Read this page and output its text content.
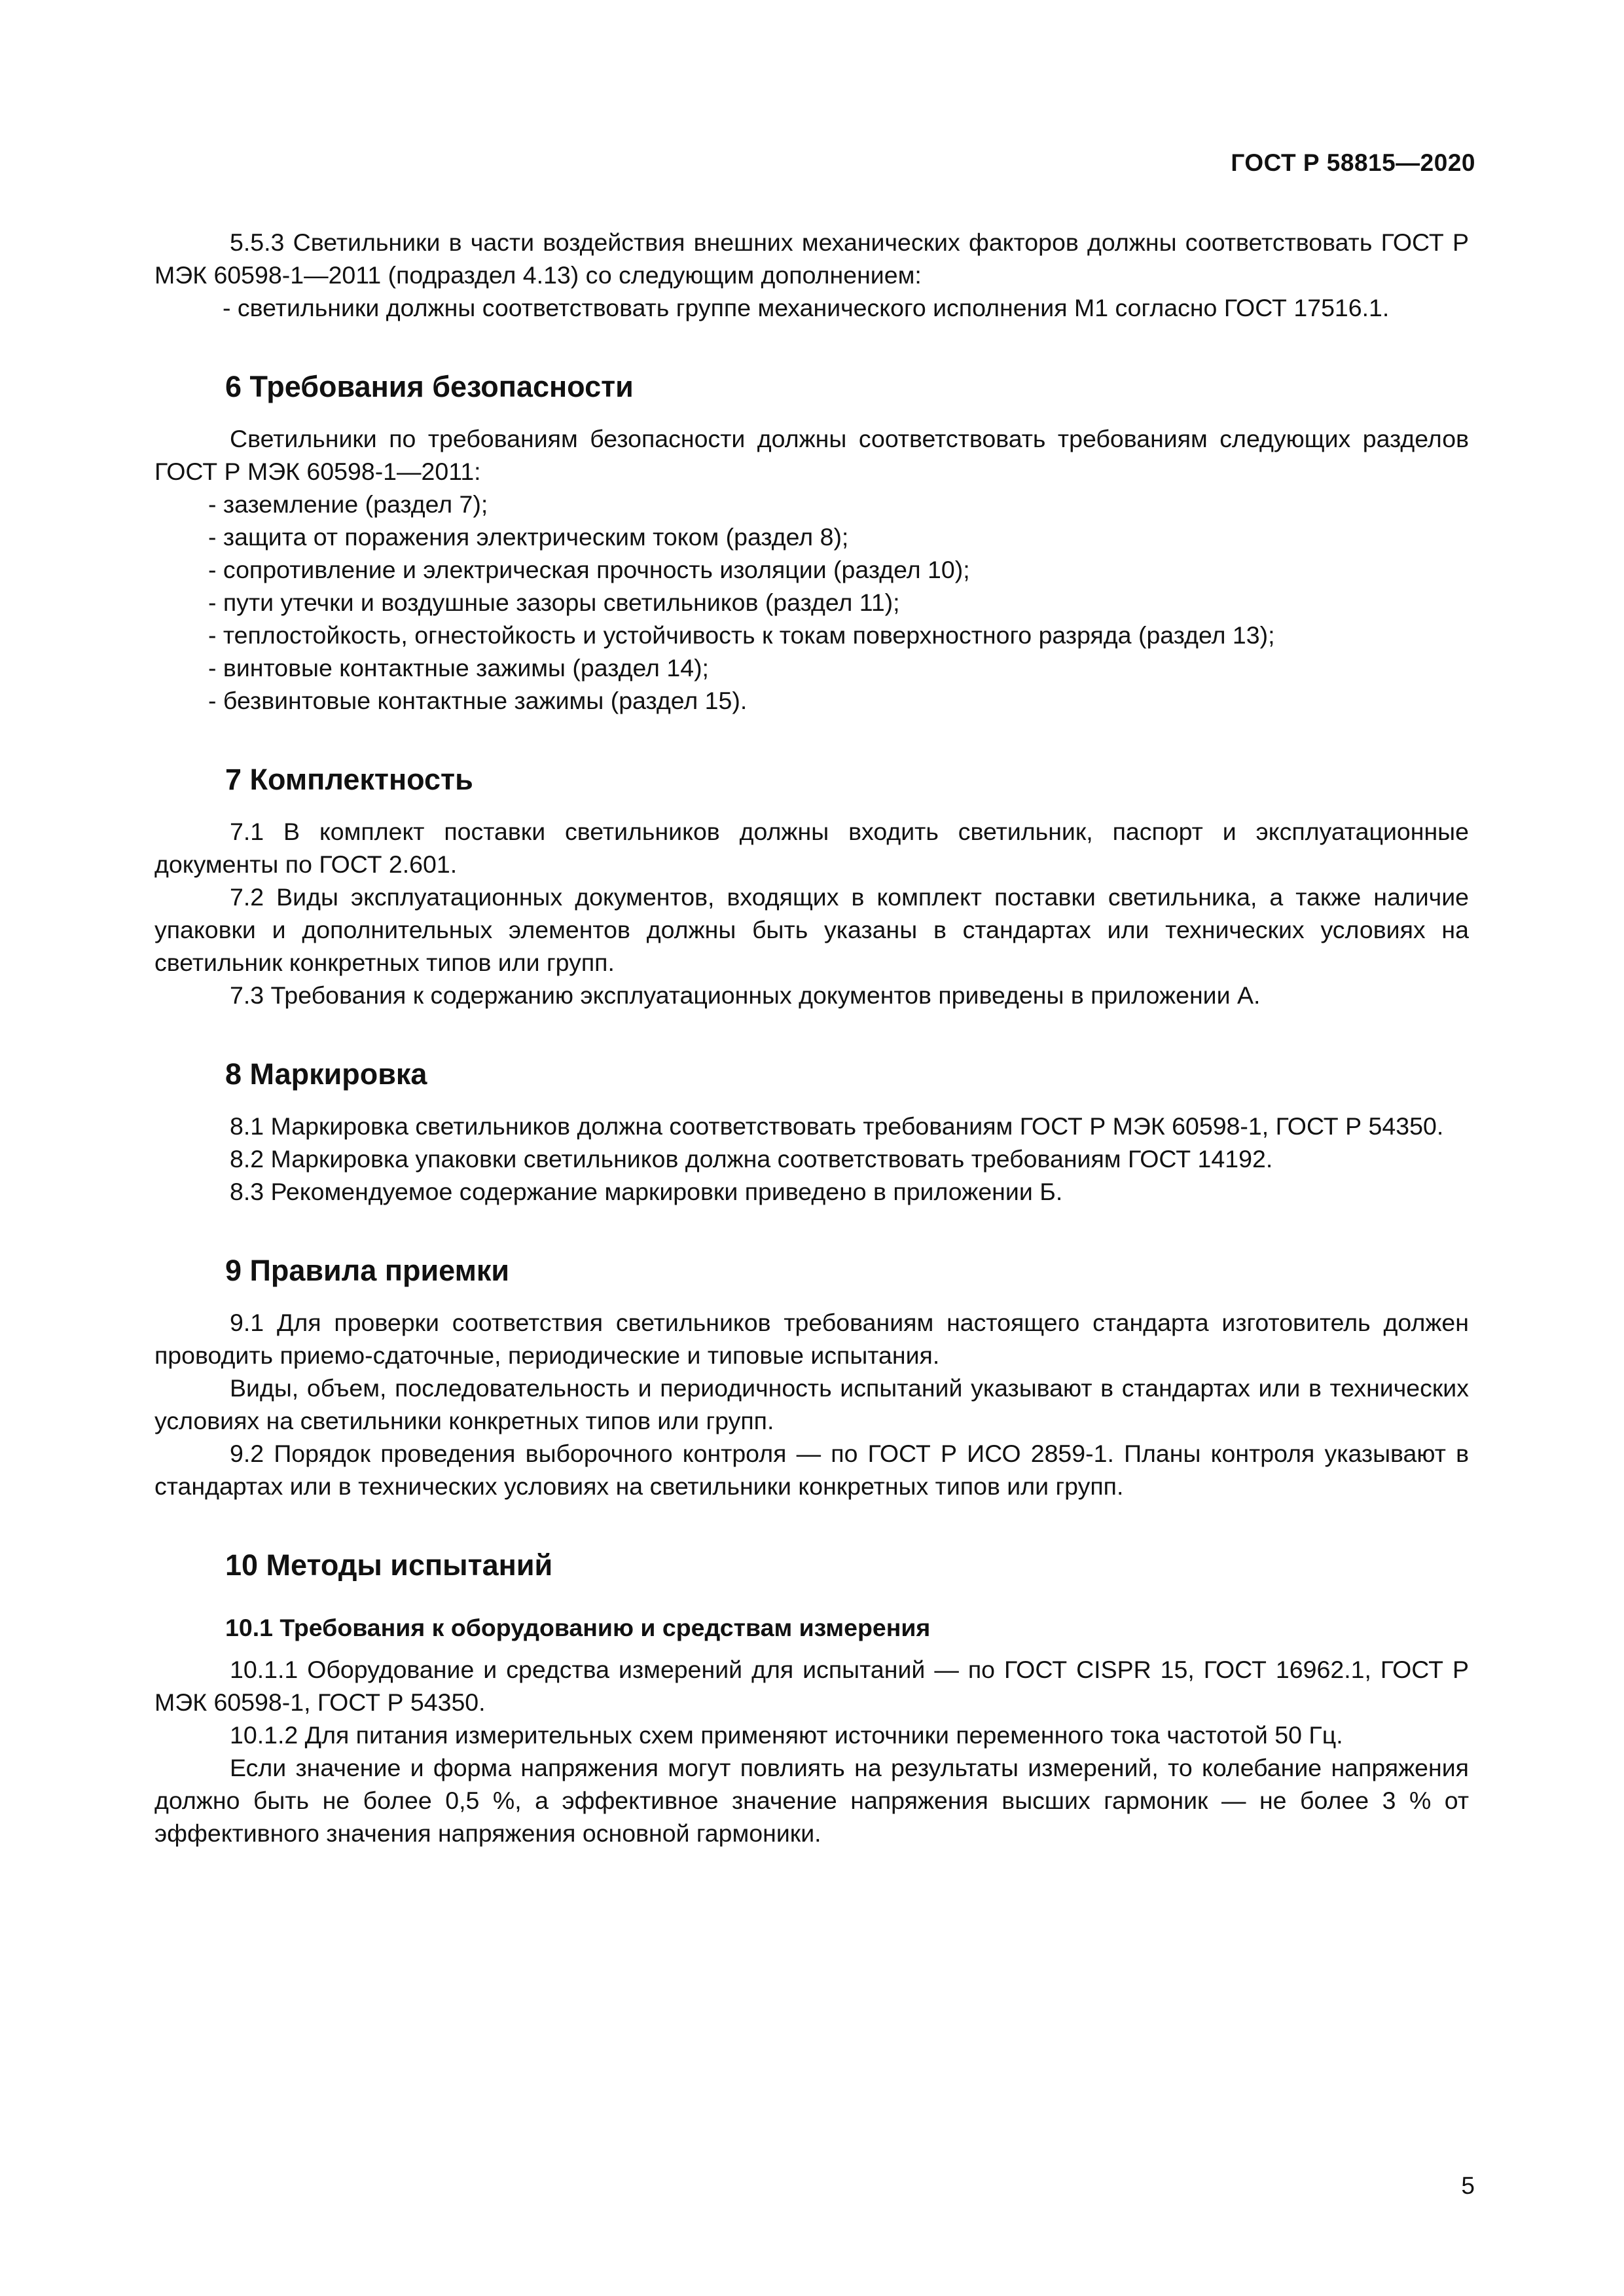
ГОСТ Р 58815—2020

5.5.3 Светильники в части воздействия внешних механических факторов должны соответствовать ГОСТ Р МЭК 60598-1—2011 (подраздел 4.13) со следующим дополнением:

- светильники должны соответствовать группе механического исполнения М1 согласно ГОСТ 17516.1.

6 Требования безопасности

Светильники по требованиям безопасности должны соответствовать требованиям следующих разделов ГОСТ Р МЭК 60598-1—2011:

- заземление (раздел 7);
- защита от поражения электрическим током (раздел 8);
- сопротивление и электрическая прочность изоляции (раздел 10);
- пути утечки и воздушные зазоры светильников (раздел 11);
- теплостойкость, огнестойкость и устойчивость к токам поверхностного разряда (раздел 13);
- винтовые контактные зажимы (раздел 14);
- безвинтовые контактные зажимы (раздел 15).
7 Комплектность

7.1 В комплект поставки светильников должны входить светильник, паспорт и эксплуатационные документы по ГОСТ 2.601.

7.2 Виды эксплуатационных документов, входящих в комплект поставки светильника, а также наличие упаковки и дополнительных элементов должны быть указаны в стандартах или технических условиях на светильник конкретных типов или групп.

7.3 Требования к содержанию эксплуатационных документов приведены в приложении А.

8 Маркировка

8.1 Маркировка светильников должна соответствовать требованиям ГОСТ Р МЭК 60598-1, ГОСТ Р 54350.

8.2 Маркировка упаковки светильников должна соответствовать требованиям ГОСТ 14192.

8.3 Рекомендуемое содержание маркировки приведено в приложении Б.

9 Правила приемки

9.1 Для проверки соответствия светильников требованиям настоящего стандарта изготовитель должен проводить приемо-сдаточные, периодические и типовые испытания.

Виды, объем, последовательность и периодичность испытаний указывают в стандартах или в технических условиях на светильники конкретных типов или групп.

9.2 Порядок проведения выборочного контроля — по ГОСТ Р ИСО 2859-1. Планы контроля указывают в стандартах или в технических условиях на светильники конкретных типов или групп.

10 Методы испытаний
10.1 Требования к оборудованию и средствам измерения

10.1.1 Оборудование и средства измерений для испытаний — по ГОСТ CISPR 15, ГОСТ 16962.1, ГОСТ Р МЭК 60598-1, ГОСТ Р 54350.

10.1.2 Для питания измерительных схем применяют источники переменного тока частотой 50 Гц.

Если значение и форма напряжения могут повлиять на результаты измерений, то колебание напряжения должно быть не более 0,5 %, а эффективное значение напряжения высших гармоник — не более 3 % от эффективного значения напряжения основной гармоники.

5
